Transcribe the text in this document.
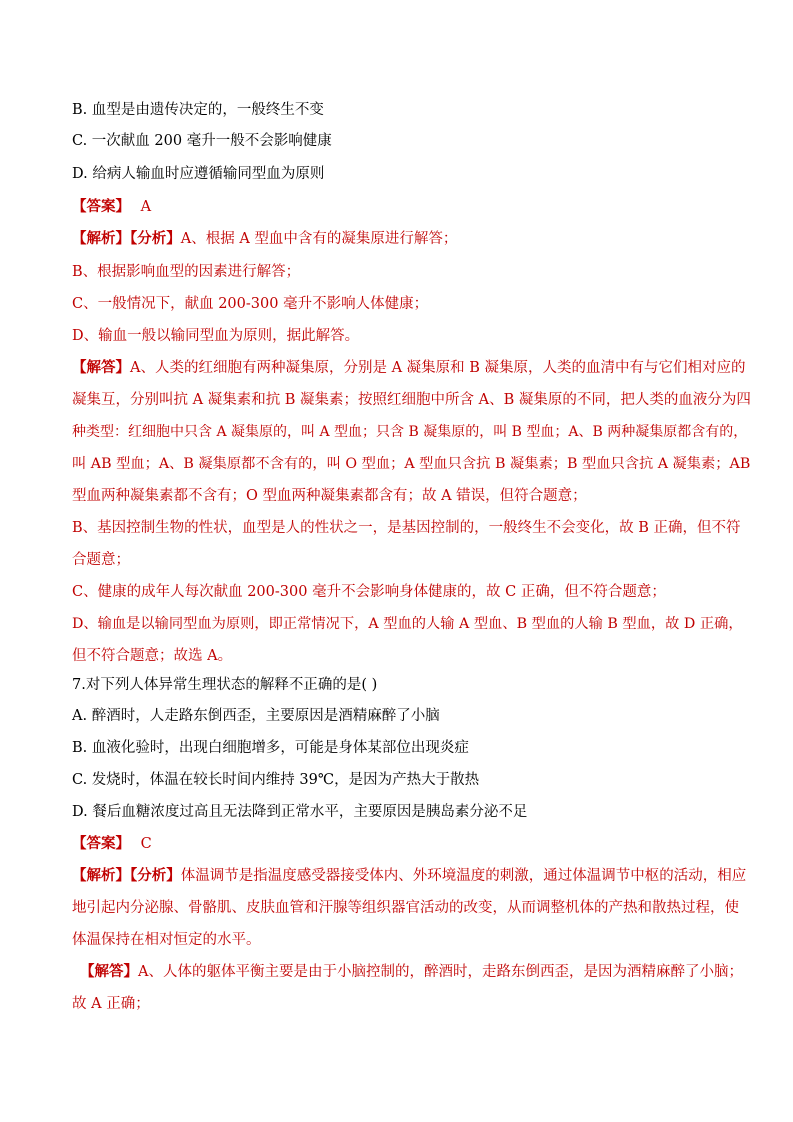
B. 血型是由遗传决定的，一般终生不变
C. 一次献血 200 毫升一般不会影响健康
D. 给病人输血时应遵循输同型血为原则
【答案】 A
【解析】【分析】A、根据 A 型血中含有的凝集原进行解答；
B、根据影响血型的因素进行解答；
C、一般情况下，献血 200-300 毫升不影响人体健康；
D、输血一般以输同型血为原则，据此解答。
【解答】A、人类的红细胞有两种凝集原，分别是 A 凝集原和 B 凝集原，人类的血清中有与它们相对应的
凝集互，分别叫抗 A 凝集素和抗 B 凝集素；按照红细胞中所含 A、B 凝集原的不同，把人类的血液分为四
种类型：红细胞中只含 A 凝集原的，叫 A 型血；只含 B 凝集原的，叫 B 型血；A、B 两种凝集原都含有的，
叫 AB 型血；A、B 凝集原都不含有的，叫 O 型血；A 型血只含抗 B 凝集素；B 型血只含抗 A 凝集素；AB
型血两种凝集素都不含有；O 型血两种凝集素都含有；故 A 错误，但符合题意；
B、基因控制生物的性状，血型是人的性状之一，是基因控制的，一般终生不会变化，故 B 正确，但不符
合题意；
C、健康的成年人每次献血 200-300 毫升不会影响身体健康的，故 C 正确，但不符合题意；
D、输血是以输同型血为原则，即正常情况下，A 型血的人输 A 型血、B 型血的人输 B 型血，故 D 正确，
但不符合题意；故选 A。
7.对下列人体异常生理状态的解释不正确的是( )
A. 醉酒时，人走路东倒西歪，主要原因是酒精麻醉了小脑
B. 血液化验时，出现白细胞增多，可能是身体某部位出现炎症
C. 发烧时，体温在较长时间内维持 39℃，是因为产热大于散热
D. 餐后血糖浓度过高且无法降到正常水平，主要原因是胰岛素分泌不足
【答案】 C
【解析】【分析】体温调节是指温度感受器接受体内、外环境温度的刺激，通过体温调节中枢的活动，相应
地引起内分泌腺、骨骼肌、皮肤血管和汗腺等组织器官活动的改变，从而调整机体的产热和散热过程，使
体温保持在相对恒定的水平。
【解答】A、人体的躯体平衡主要是由于小脑控制的，醉酒时，走路东倒西歪，是因为酒精麻醉了小脑；
故 A 正确；
